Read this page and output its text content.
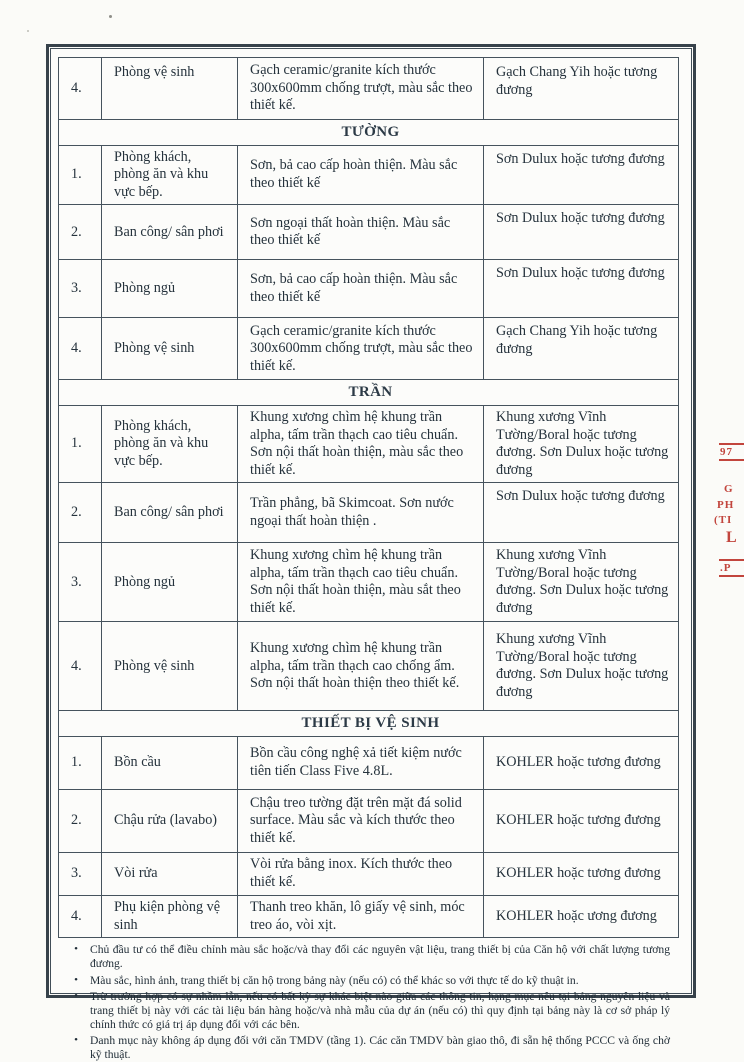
4.	Phòng vệ sinh	Gạch ceramic/granite kích thước 300x600mm chống trượt, màu sắc theo thiết kế.	Gạch Chang Yih hoặc tương đương
TƯỜNG			
1.	Phòng khách, phòng ăn và khu vực bếp.	Sơn, bả cao cấp hoàn thiện. Màu sắc theo thiết kế	Sơn Dulux hoặc tương đương
2.	Ban công/ sân phơi	Sơn ngoại thất hoàn thiện. Màu sắc theo thiết kế	Sơn Dulux hoặc tương đương
3.	Phòng ngủ	Sơn, bả cao cấp hoàn thiện. Màu sắc theo thiết kế	Sơn Dulux hoặc tương đương
4.	Phòng vệ sinh	Gạch ceramic/granite kích thước 300x600mm chống trượt, màu sắc theo thiết kế.	Gạch Chang Yih hoặc tương đương
TRẦN			
1.	Phòng khách, phòng ăn và khu vực bếp.	Khung xương chìm hệ khung trần alpha, tấm trần thạch cao tiêu chuẩn. Sơn nội thất hoàn thiện, màu sắc theo thiết kế.	Khung xương Vĩnh Tường/Boral hoặc tương đương. Sơn Dulux hoặc tương đương
2.	Ban công/ sân phơi	Trần phẳng, bã Skimcoat. Sơn nước ngoại thất hoàn thiện .	Sơn Dulux hoặc tương đương
3.	Phòng ngủ	Khung xương chìm hệ khung trần alpha, tấm trần thạch cao tiêu chuẩn. Sơn nội thất hoàn thiện, màu sắt theo thiết kế.	Khung xương Vĩnh Tường/Boral hoặc tương đương. Sơn Dulux hoặc tương đương
4.	Phòng vệ sinh	Khung xương chìm hệ khung trần alpha, tấm trần thạch cao chống ẩm. Sơn nội thất hoàn thiện theo thiết kế.	Khung xương Vĩnh Tường/Boral hoặc tương đương. Sơn Dulux hoặc tương đương
THIẾT BỊ VỆ SINH			
1.	Bồn cầu	Bồn cầu công nghệ xả tiết kiệm nước tiên tiến Class Five 4.8L.	KOHLER hoặc tương đương
2.	Chậu rửa (lavabo)	Chậu treo tường đặt trên mặt đá solid surface. Màu sắc và kích thước theo thiết kế.	KOHLER hoặc tương đương
3.	Vòi rửa	Vòi rửa bằng inox. Kích thước theo thiết kế.	KOHLER hoặc tương đương
4.	Phụ kiện phòng vệ sinh	Thanh treo khăn, lô giấy vệ sinh, móc treo áo, vòi xịt.	KOHLER hoặc ương đương
•	Chủ đầu tư có thể điều chỉnh màu sắc hoặc/và thay đổi các nguyên vật liệu, trang thiết bị của Căn hộ với chất lượng tương đương.
•	Màu sắc, hình ảnh, trang thiết bị căn hộ trong bảng này (nếu có) có thể khác so với thực tế do kỹ thuật in.
•	Trừ trường hợp có sự nhầm lẫn, nếu có bất kỳ sự khác biệt nào giữa các thông tin, hạng mục nêu tại bảng nguyên liệu và trang thiết bị này với các tài liệu bán hàng hoặc/và nhà mẫu của dự án (nếu có) thì quy định tại bảng này là cơ sở pháp lý chính thức có giá trị áp dụng đối với các bên.
•	Danh mục này không áp dụng đối với căn TMDV (tầng 1). Các căn TMDV bàn giao thô, đi sẵn hệ thống PCCC và ống chờ kỹ thuật.
97
G
PH
(TI
L
.P
